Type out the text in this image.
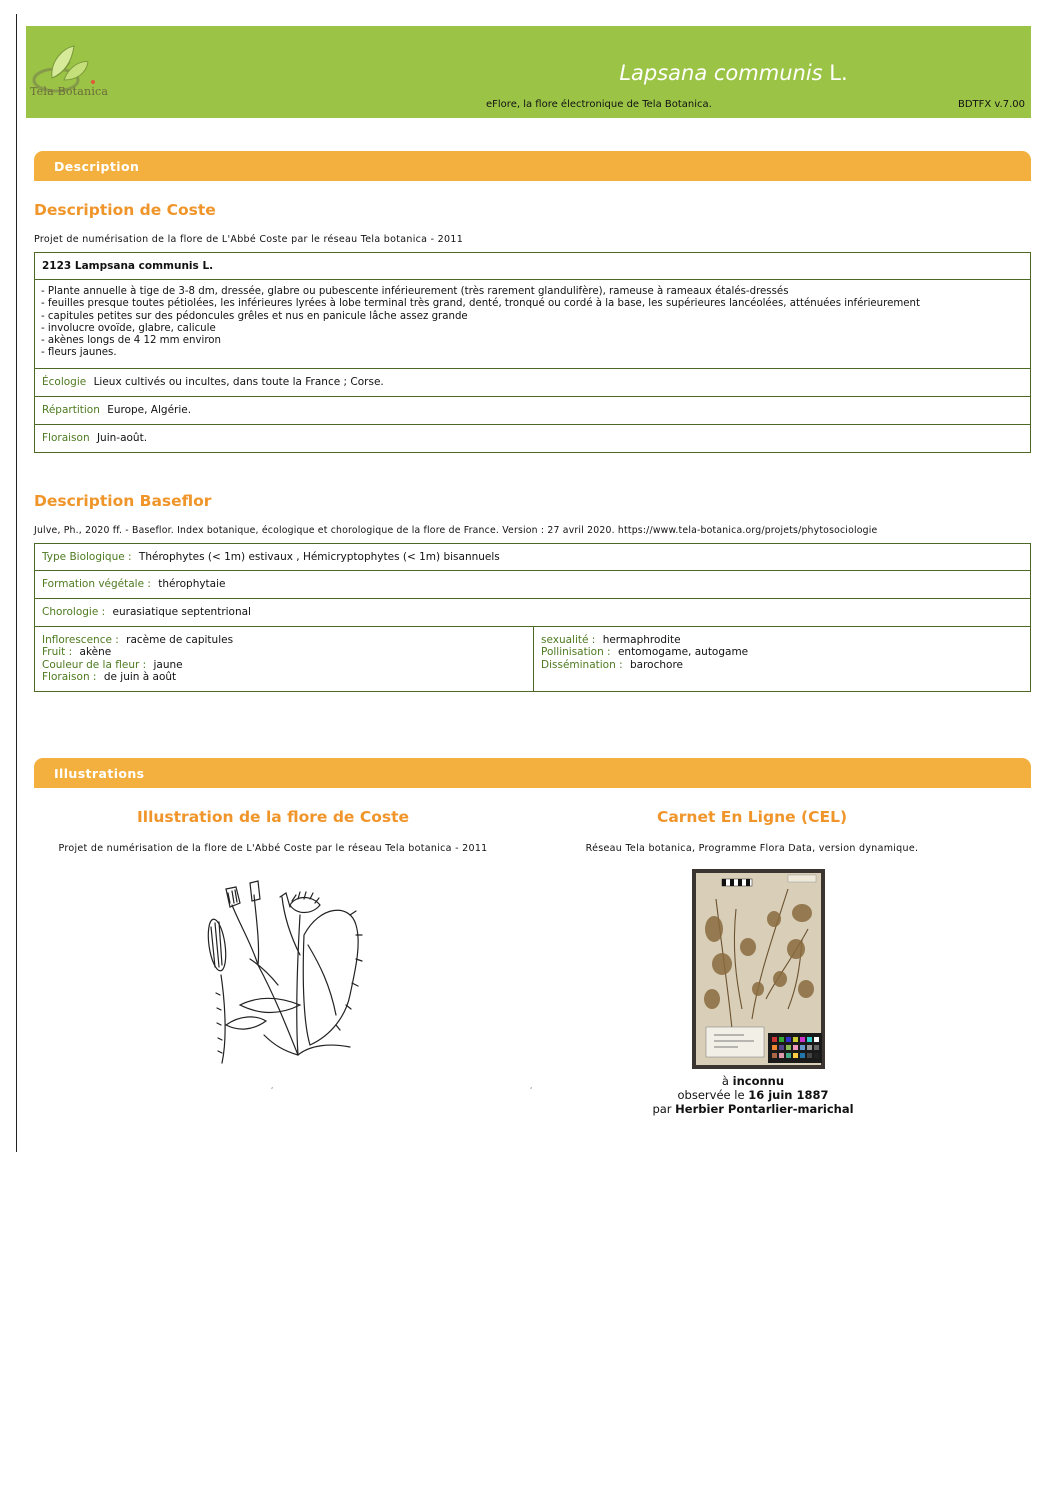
Tela Botanica
Lapsana communis L.
eFlore, la flore électronique de Tela Botanica.	BDTFX v.7.00
Description
Description de Coste
Projet de numérisation de la flore de L'Abbé Coste par le réseau Tela botanica - 2011
2123 Lampsana communis L.
- Plante annuelle à tige de 3-8 dm, dressée, glabre ou pubescente inférieurement (très rarement glandulifère), rameuse à rameaux étalés-dressés
- feuilles presque toutes pétiolées, les inférieures lyrées à lobe terminal très grand, denté, tronqué ou cordé à la base, les supérieures lancéolées, atténuées inférieurement
- capitules petites sur des pédoncules grêles et nus en panicule lâche assez grande
- involucre ovoïde, glabre, calicule
- akènes longs de 4 12 mm environ
- fleurs jaunes.
Écologie Lieux cultivés ou incultes, dans toute la France ; Corse.
Répartition Europe, Algérie.
Floraison Juin-août.
Description Baseflor
Julve, Ph., 2020 ff. - Baseflor. Index botanique, écologique et chorologique de la flore de France. Version : 27 avril 2020. https://www.tela-botanica.org/projets/phytosociologie
Type Biologique : Thérophytes (< 1m) estivaux , Hémicryptophytes (< 1m) bisannuels
Formation végétale : thérophytaie
Chorologie : eurasiatique septentrional
Inflorescence : racème de capitules
Fruit : akène
Couleur de la fleur : jaune
Floraison : de juin à août
sexualité : hermaphrodite
Pollinisation : entomogame, autogame
Dissémination : barochore
Illustrations
Illustration de la flore de Coste
Projet de numérisation de la flore de L'Abbé Coste par le réseau Tela botanica - 2011
Carnet En Ligne (CEL)
Réseau Tela botanica, Programme Flora Data, version dynamique.
,	,	à inconnu
observée le 16 juin 1887
par Herbier Pontarlier-marichal
